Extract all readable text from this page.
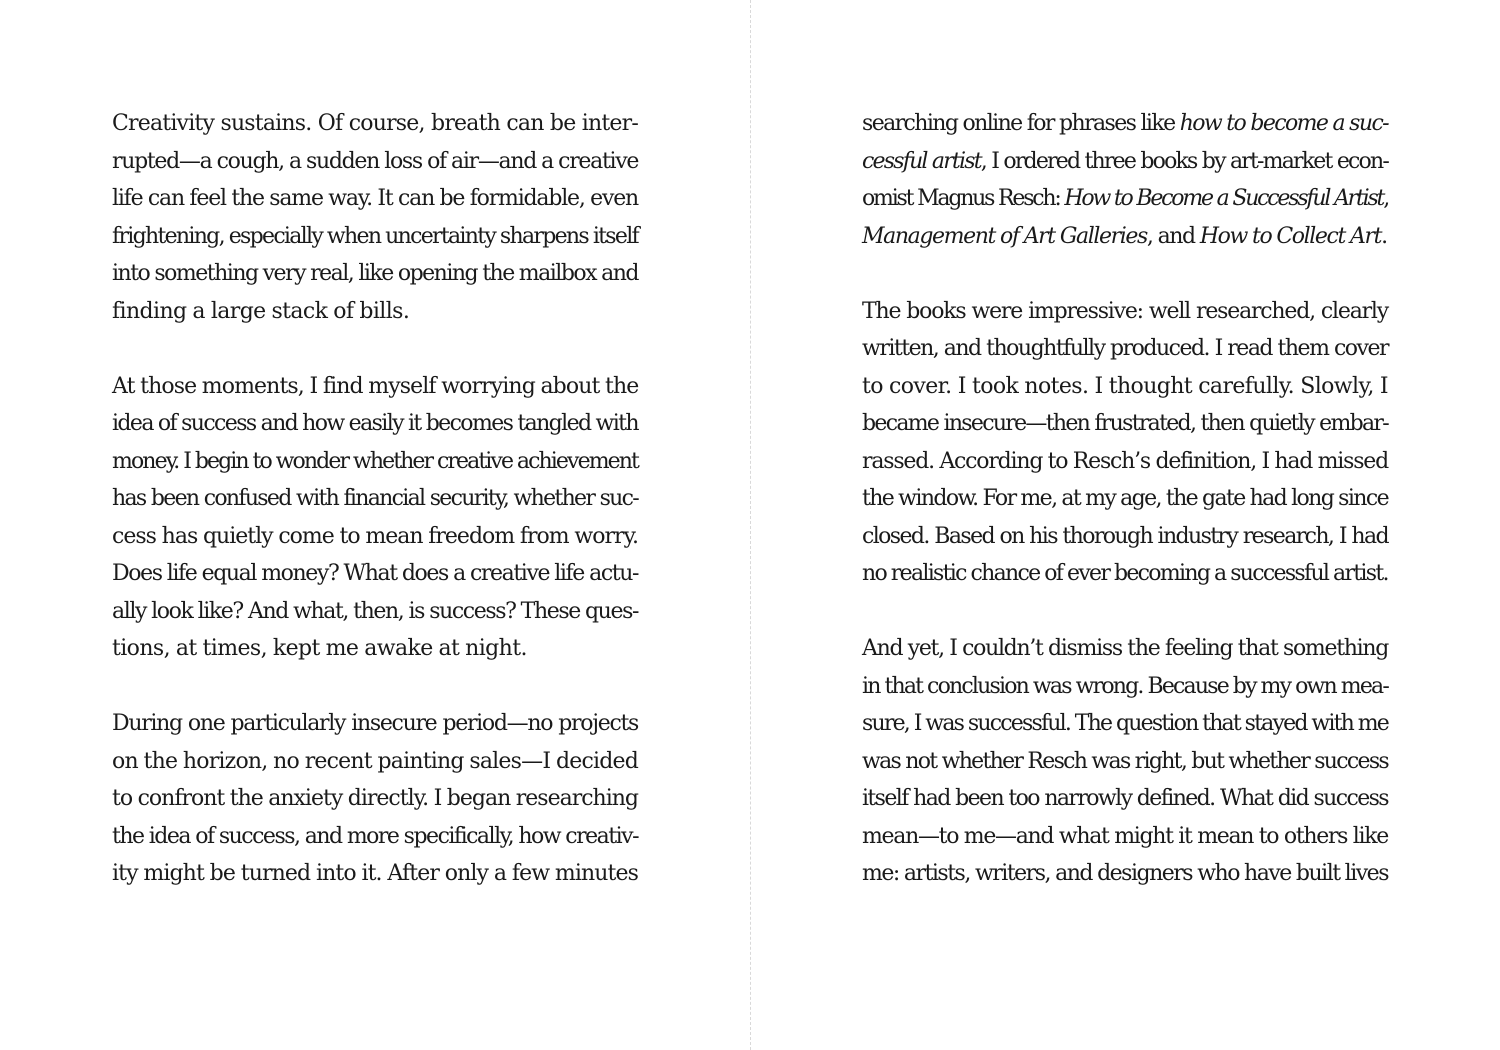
Creativity sustains. Of course, breath can be inter-
rupted—a cough, a sudden loss of air—and a creative
life can feel the same way. It can be formidable, even
frightening, especially when uncertainty sharpens itself
into something very real, like opening the mailbox and
finding a large stack of bills.
At those moments, I find myself worrying about the
idea of success and how easily it becomes tangled with
money. I begin to wonder whether creative achievement
has been confused with financial security, whether suc-
cess has quietly come to mean freedom from worry.
Does life equal money? What does a creative life actu-
ally look like? And what, then, is success? These ques-
tions, at times, kept me awake at night.
During one particularly insecure period—no projects
on the horizon, no recent painting sales—I decided
to confront the anxiety directly. I began researching
the idea of success, and more specifically, how creativ-
ity might be turned into it. After only a few minutes
searching online for phrases like how to become a suc-
cessful artist, I ordered three books by art-market econ-
omist Magnus Resch: How to Become a Successful Artist,
Management of Art Galleries, and How to Collect Art.
The books were impressive: well researched, clearly
written, and thoughtfully produced. I read them cover
to cover. I took notes. I thought carefully. Slowly, I
became insecure—then frustrated, then quietly embar-
rassed. According to Resch’s definition, I had missed
the window. For me, at my age, the gate had long since
closed. Based on his thorough industry research, I had
no realistic chance of ever becoming a successful artist.
And yet, I couldn’t dismiss the feeling that something
in that conclusion was wrong. Because by my own mea-
sure, I was successful. The question that stayed with me
was not whether Resch was right, but whether success
itself had been too narrowly defined. What did success
mean—to me—and what might it mean to others like
me: artists, writers, and designers who have built lives
